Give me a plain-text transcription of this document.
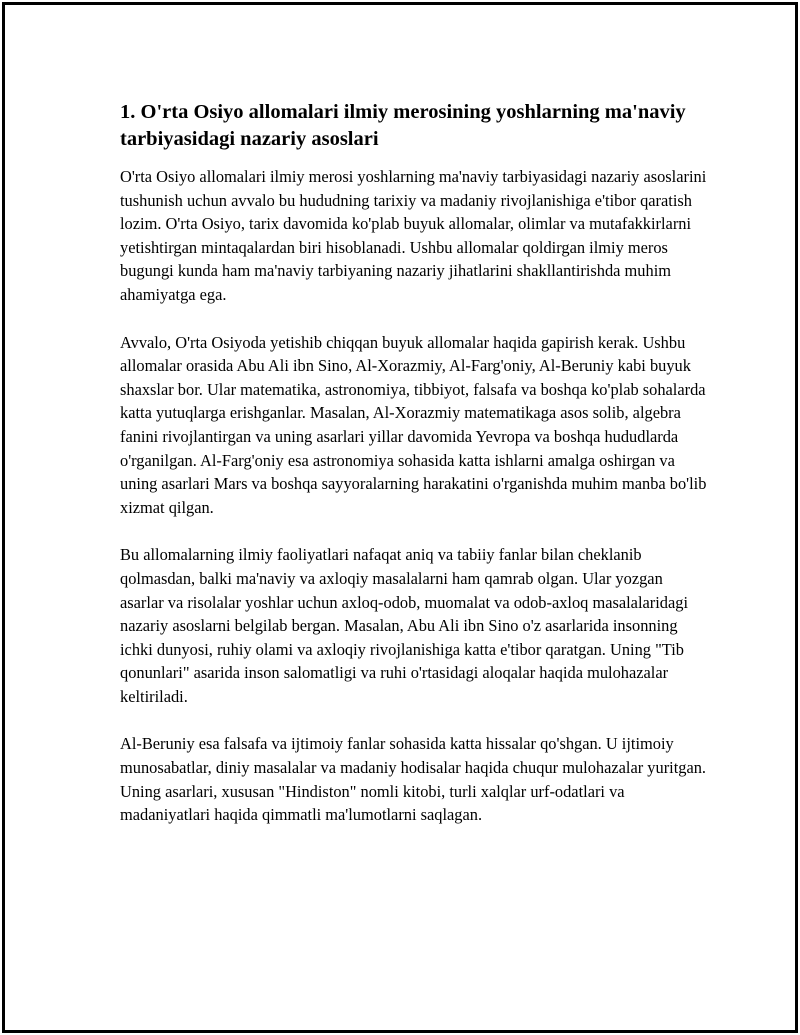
1. O'rta Osiyo allomalari ilmiy merosining yoshlarning ma'naviy tarbiyasidagi nazariy asoslari

O'rta Osiyo allomalari ilmiy merosi yoshlarning ma'naviy tarbiyasidagi nazariy asoslarini tushunish uchun avvalo bu hududning tarixiy va madaniy rivojlanishiga e'tibor qaratish lozim. O'rta Osiyo, tarix davomida ko'plab buyuk allomalar, olimlar va mutafakkirlarni yetishtirgan mintaqalardan biri hisoblanadi. Ushbu allomalar qoldirgan ilmiy meros bugungi kunda ham ma'naviy tarbiyaning nazariy jihatlarini shakllantirishda muhim ahamiyatga ega.

Avvalo, O'rta Osiyoda yetishib chiqqan buyuk allomalar haqida gapirish kerak. Ushbu allomalar orasida Abu Ali ibn Sino, Al-Xorazmiy, Al-Farg'oniy, Al-Beruniy kabi buyuk shaxslar bor. Ular matematika, astronomiya, tibbiyot, falsafa va boshqa ko'plab sohalarda katta yutuqlarga erishganlar. Masalan, Al-Xorazmiy matematikaga asos solib, algebra fanini rivojlantirgan va uning asarlari yillar davomida Yevropa va boshqa hududlarda o'rganilgan. Al-Farg'oniy esa astronomiya sohasida katta ishlarni amalga oshirgan va uning asarlari Mars va boshqa sayyoralarning harakatini o'rganishda muhim manba bo'lib xizmat qilgan.

Bu allomalarning ilmiy faoliyatlari nafaqat aniq va tabiiy fanlar bilan cheklanib qolmasdan, balki ma'naviy va axloqiy masalalarni ham qamrab olgan. Ular yozgan asarlar va risolalar yoshlar uchun axloq-odob, muomalat va odob-axloq masalalaridagi nazariy asoslarni belgilab bergan. Masalan, Abu Ali ibn Sino o'z asarlarida insonning ichki dunyosi, ruhiy olami va axloqiy rivojlanishiga katta e'tibor qaratgan. Uning "Tib qonunlari" asarida inson salomatligi va ruhi o'rtasidagi aloqalar haqida mulohazalar keltiriladi.

Al-Beruniy esa falsafa va ijtimoiy fanlar sohasida katta hissalar qo'shgan. U ijtimoiy munosabatlar, diniy masalalar va madaniy hodisalar haqida chuqur mulohazalar yuritgan. Uning asarlari, xususan "Hindiston" nomli kitobi, turli xalqlar urf-odatlari va madaniyatlari haqida qimmatli ma'lumotlarni saqlagan.
